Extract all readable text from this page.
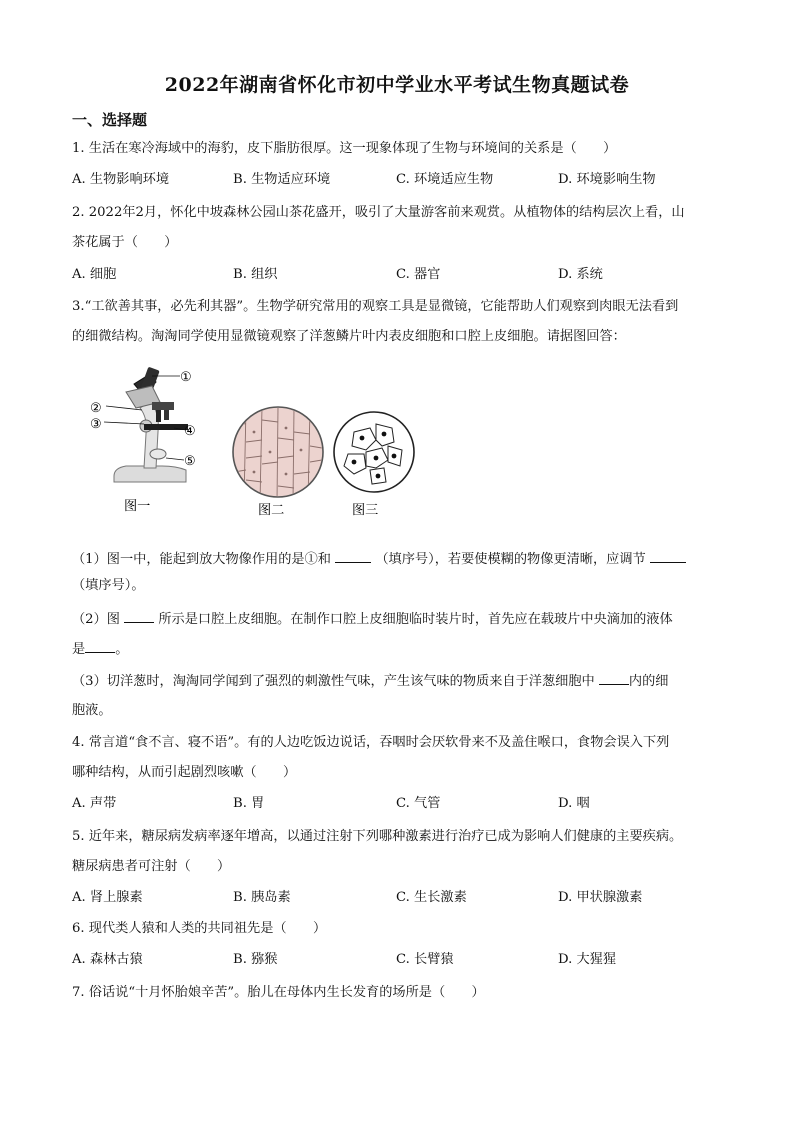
2022年湖南省怀化市初中学业水平考试生物真题试卷
一、选择题
1. 生活在寒冷海域中的海豹，皮下脂肪很厚。这一现象体现了生物与环境间的关系是（　　）
A. 生物影响环境	B. 生物适应环境	C. 环境适应生物	D. 环境影响生物
2. 2022年2月，怀化中坡森林公园山茶花盛开，吸引了大量游客前来观赏。从植物体的结构层次上看，山
茶花属于（　　）
A. 细胞	B. 组织	C. 器官	D. 系统
3.“工欲善其事，必先利其器”。生物学研究常用的观察工具是显微镜，它能帮助人们观察到肉眼无法看到
的细微结构。淘淘同学使用显微镜观察了洋葱鳞片叶内表皮细胞和口腔上皮细胞。请据图回答：
①
②
③	④
⑤
图一	图二	图三
（1）图一中，能起到放大物像作用的是①和	（填序号），若要使模糊的物像更清晰，应调节
（填序号）。
（2）图	所示是口腔上皮细胞。在制作口腔上皮细胞临时装片时，首先应在载玻片中央滴加的液体
是 。
（3）切洋葱时，淘淘同学闻到了强烈的刺激性气味，产生该气味的物质来自于洋葱细胞中	内的细
胞液。
4. 常言道“食不言、寝不语”。有的人边吃饭边说话，吞咽时会厌软骨来不及盖住喉口，食物会误入下列
哪种结构，从而引起剧烈咳嗽（　　）
A. 声带	B. 胃	C. 气管	D. 咽
5. 近年来，糖尿病发病率逐年增高，以通过注射下列哪种激素进行治疗已成为影响人们健康的主要疾病。
糖尿病患者可注射（　　）
A. 肾上腺素	B. 胰岛素	C. 生长激素	D. 甲状腺激素
6. 现代类人猿和人类的共同祖先是（　　）
A. 森林古猿	B. 猕猴	C. 长臂猿	D. 大猩猩
7. 俗话说“十月怀胎娘辛苦”。胎儿在母体内生长发育的场所是（　　）
